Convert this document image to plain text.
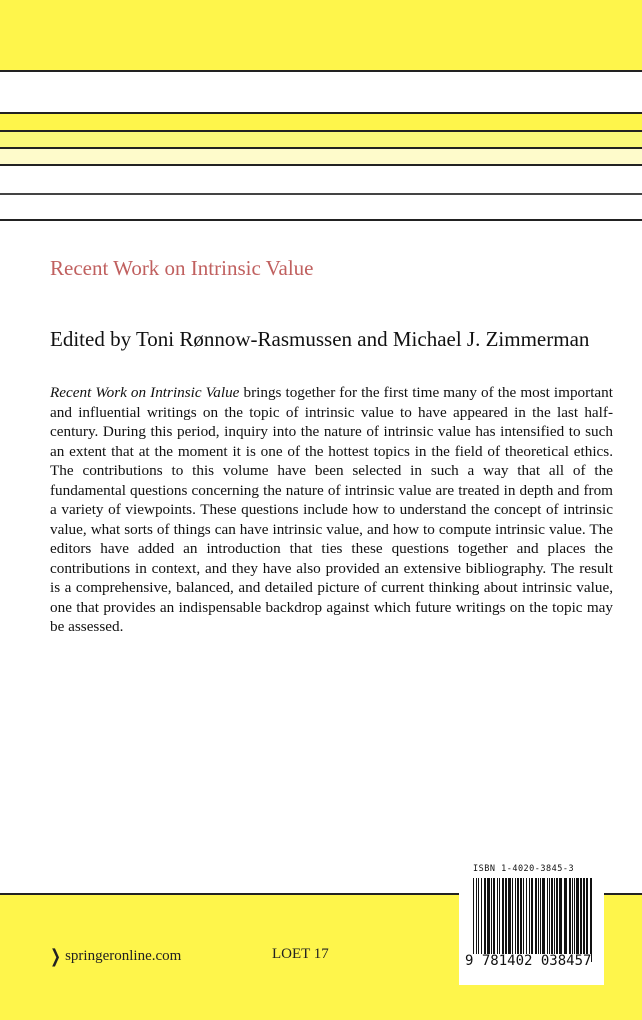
Recent Work on Intrinsic Value
Edited by Toni Rønnow-Rasmussen and Michael J. Zimmerman

Recent Work on Intrinsic Value brings together for the first time many of the most important and influential writings on the topic of intrinsic value to have appeared in the last half-century. During this period, inquiry into the nature of intrinsic value has intensified to such an extent that at the moment it is one of the hottest topics in the field of theoretical ethics. The contributions to this volume have been selected in such a way that all of the fundamental questions concerning the nature of intrinsic value are treated in depth and from a variety of viewpoints. These questions include how to understand the concept of intrinsic value, what sorts of things can have intrinsic value, and how to compute intrinsic value. The editors have added an introduction that ties these questions together and places the contributions in context, and they have also provided an extensive bibliography. The result is a comprehensive, balanced, and detailed picture of current thinking about intrinsic value, one that provides an indispensable backdrop against which future writings on the topic may be assessed.

❯ springeronline.com	LOET 17
ISBN 1-4020-3845-3
9 781402 038457
